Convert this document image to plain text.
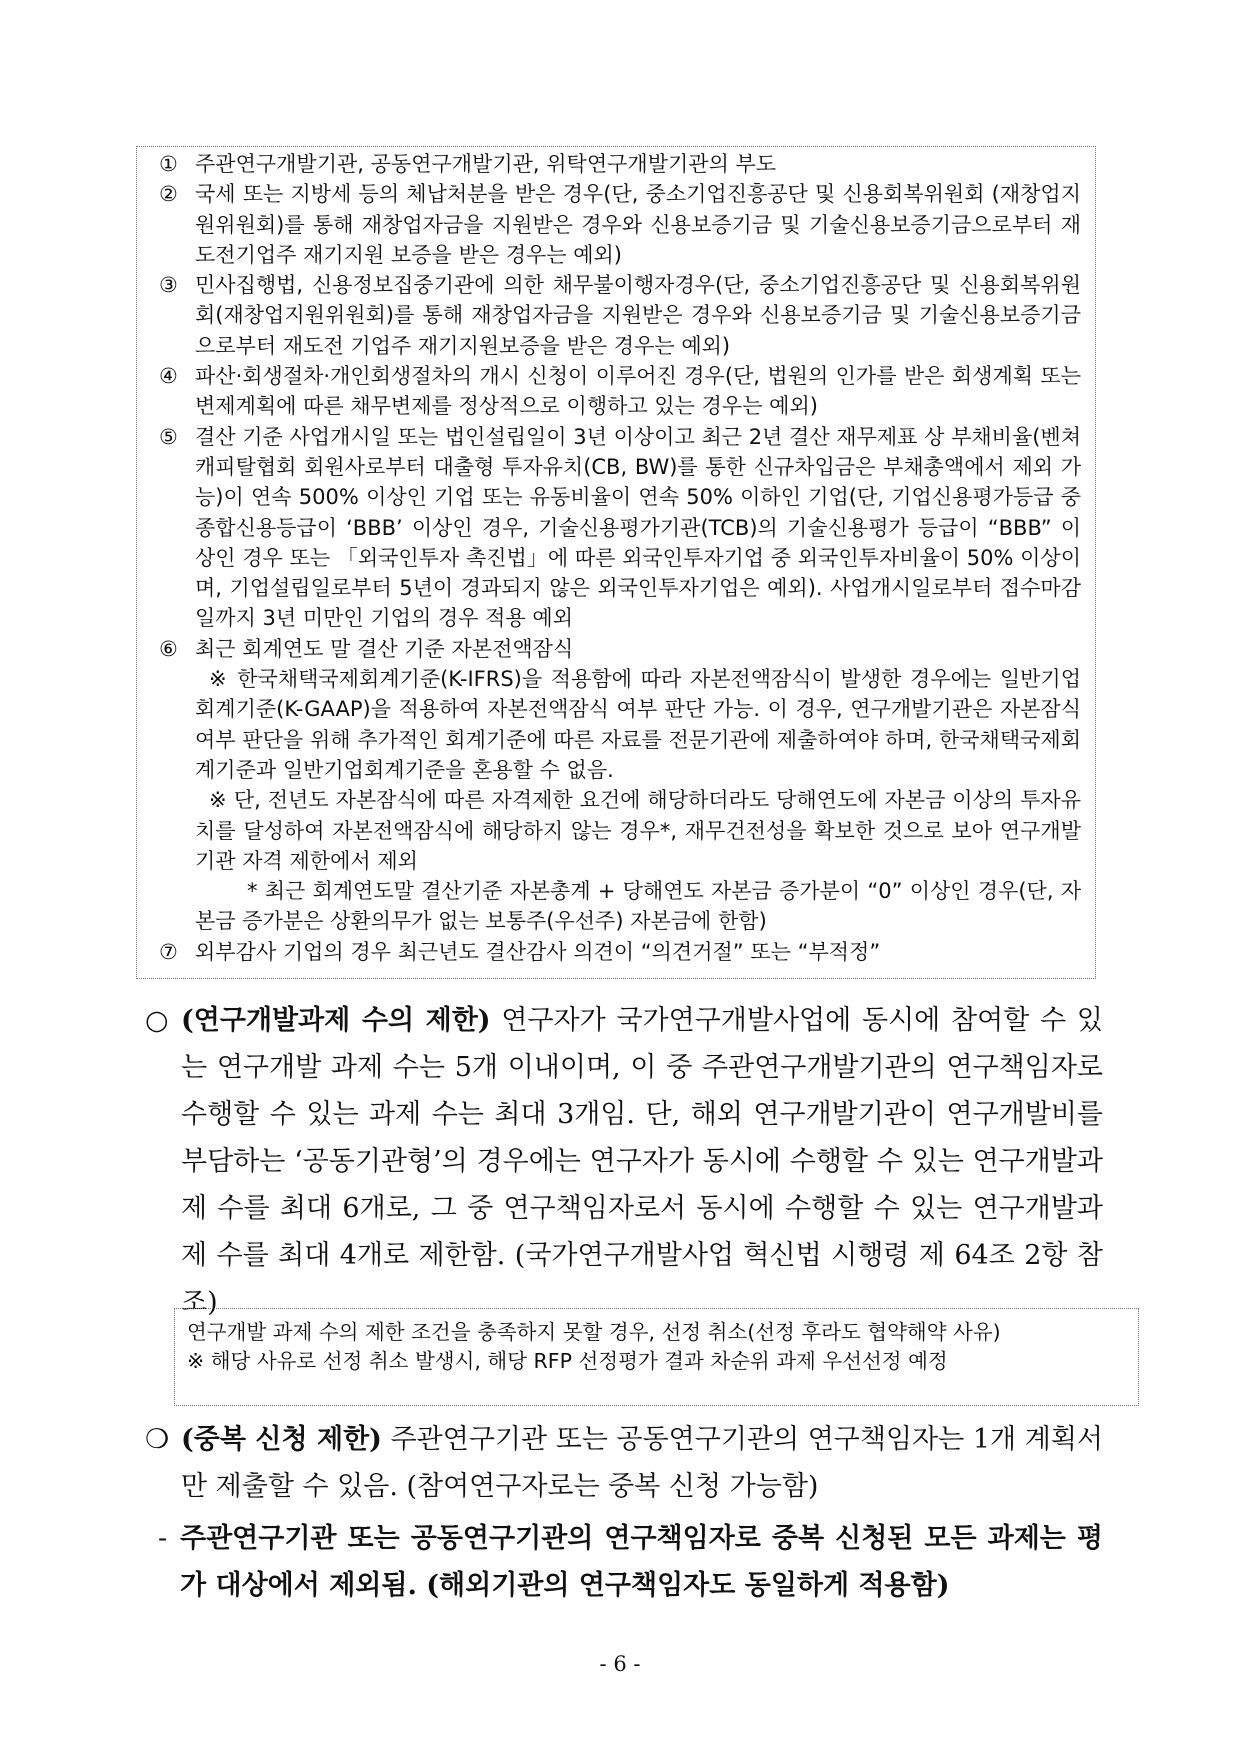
① 주관연구개발기관, 공동연구개발기관, 위탁연구개발기관의 부도
② 국세 또는 지방세 등의 체납처분을 받은 경우(단, 중소기업진흥공단 및 신용회복위원회 (재창업지원위원회)를 통해 재창업자금을 지원받은 경우와 신용보증기금 및 기술신용보증기금으로부터 재도전기업주 재기지원 보증을 받은 경우는 예외)
③ 민사집행법, 신용정보집중기관에 의한 채무불이행자경우(단, 중소기업진흥공단 및 신용회복위원회(재창업지원위원회)를 통해 재창업자금을 지원받은 경우와 신용보증기금 및 기술신용보증기금으로부터 재도전 기업주 재기지원보증을 받은 경우는 예외)
④ 파산·회생절차·개인회생절차의 개시 신청이 이루어진 경우(단, 법원의 인가를 받은 회생계획 또는 변제계획에 따른 채무변제를 정상적으로 이행하고 있는 경우는 예외)
⑤ 결산 기준 사업개시일 또는 법인설립일이 3년 이상이고 최근 2년 결산 재무제표 상 부채비율(벤쳐캐피탈협회 회원사로부터 대출형 투자유치(CB, BW)를 통한 신규차입금은 부채총액에서 제외 가능)이 연속 500% 이상인 기업 또는 유동비율이 연속 50% 이하인 기업(단, 기업신용평가등급 중 종합신용등급이 ‘BBB’ 이상인 경우, 기술신용평가기관(TCB)의 기술신용평가 등급이 “BBB” 이상인 경우 또는 「외국인투자 촉진법」에 따른 외국인투자기업 중 외국인투자비율이 50% 이상이며, 기업설립일로부터 5년이 경과되지 않은 외국인투자기업은 예외). 사업개시일로부터 접수마감일까지 3년 미만인 기업의 경우 적용 예외
⑥ 최근 회계연도 말 결산 기준 자본전액잠식
※ 한국채택국제회계기준(K-IFRS)을 적용함에 따라 자본전액잠식이 발생한 경우에는 일반기업회계기준(K-GAAP)을 적용하여 자본전액잠식 여부 판단 가능. 이 경우, 연구개발기관은 자본잠식 여부 판단을 위해 추가적인 회계기준에 따른 자료를 전문기관에 제출하여야 하며, 한국채택국제회계기준과 일반기업회계기준을 혼용할 수 없음.
※ 단, 전년도 자본잠식에 따른 자격제한 요건에 해당하더라도 당해연도에 자본금 이상의 투자유치를 달성하여 자본전액잠식에 해당하지 않는 경우*, 재무건전성을 확보한 것으로 보아 연구개발기관 자격 제한에서 제외
* 최근 회계연도말 결산기준 자본총계 + 당해연도 자본금 증가분이 “0” 이상인 경우(단, 자본금 증가분은 상환의무가 없는 보통주(우선주) 자본금에 한함)
⑦ 외부감사 기업의 경우 최근년도 결산감사 의견이 “의견거절” 또는 “부적정”
○ (연구개발과제 수의 제한) 연구자가 국가연구개발사업에 동시에 참여할 수 있는 연구개발 과제 수는 5개 이내이며, 이 중 주관연구개발기관의 연구책임자로 수행할 수 있는 과제 수는 최대 3개임. 단, 해외 연구개발기관이 연구개발비를 부담하는 ‘공동기관형’의 경우에는 연구자가 동시에 수행할 수 있는 연구개발과제 수를 최대 6개로, 그 중 연구책임자로서 동시에 수행할 수 있는 연구개발과제 수를 최대 4개로 제한함. (국가연구개발사업 혁신법 시행령 제 64조 2항 참조)
연구개발 과제 수의 제한 조건을 충족하지 못할 경우, 선정 취소(선정 후라도 협약해약 사유)
※ 해당 사유로 선정 취소 발생시, 해당 RFP 선정평가 결과 차순위 과제 우선선정 예정
❍ (중복 신청 제한) 주관연구기관 또는 공동연구기관의 연구책임자는 1개 계획서만 제출할 수 있음. (참여연구자로는 중복 신청 가능함)
- 주관연구기관 또는 공동연구기관의 연구책임자로 중복 신청된 모든 과제는 평가 대상에서 제외됨. (해외기관의 연구책임자도 동일하게 적용함)
- 6 -
